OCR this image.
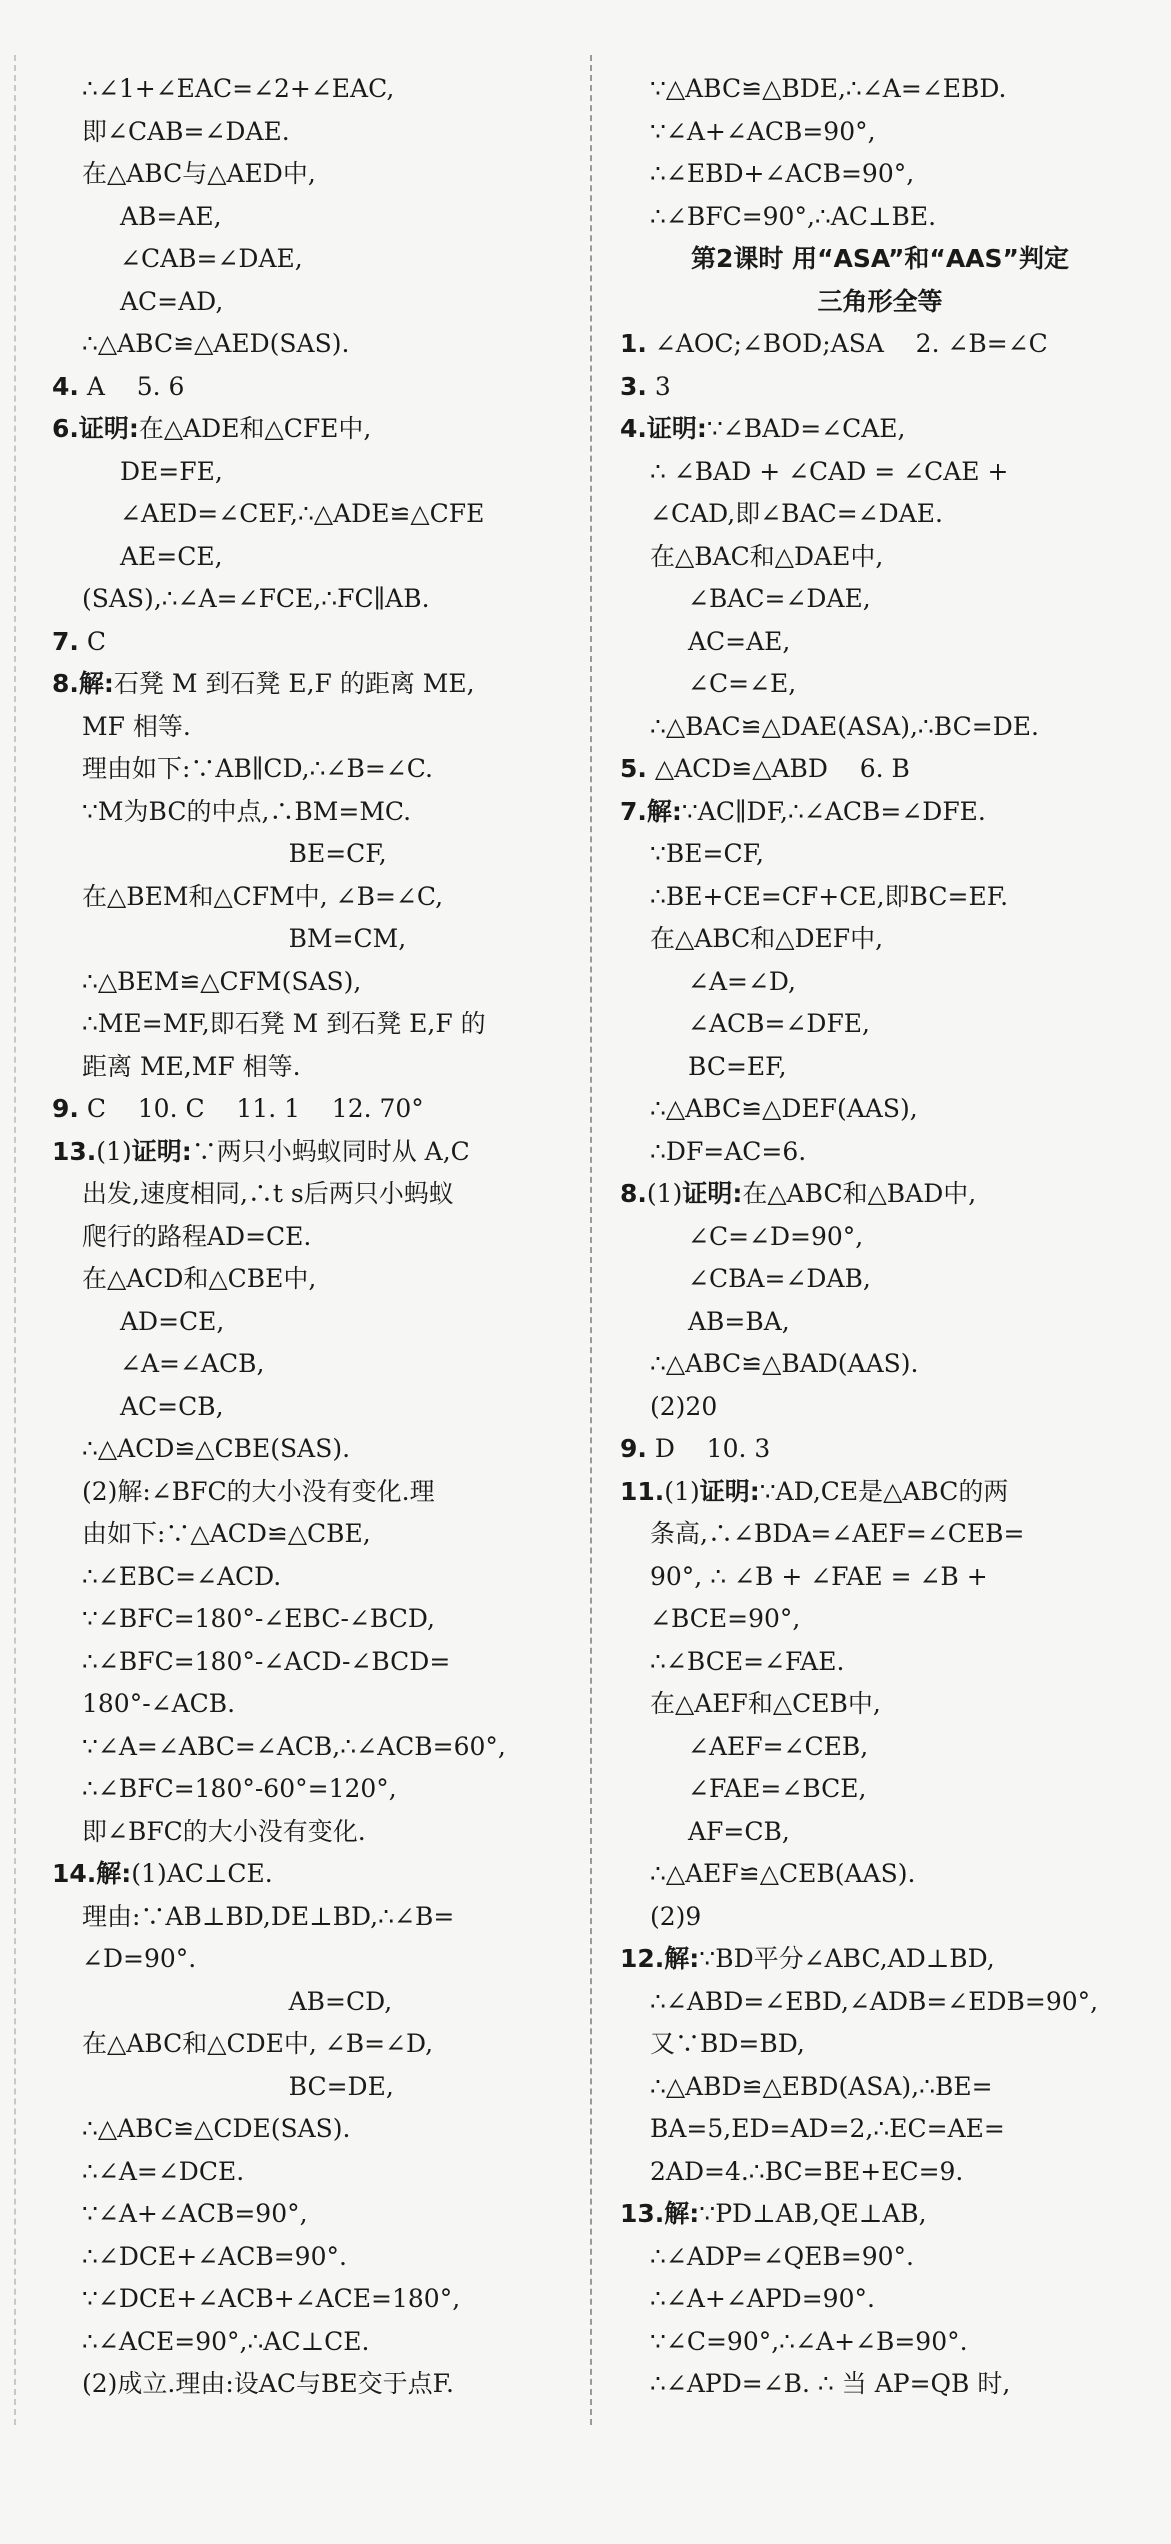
∴∠1+∠EAC=∠2+∠EAC,
即∠CAB=∠DAE.
在△ABC与△AED中,
AB=AE,
∠CAB=∠DAE,
AC=AD,
∴△ABC≌△AED(SAS).
4. A    5. 6
6.证明:在△ADE和△CFE中,
DE=FE,
∠AED=∠CEF,∴△ADE≌△CFE
AE=CE,
(SAS),∴∠A=∠FCE,∴FC∥AB.
7. C
8.解:石凳 M 到石凳 E,F 的距离 ME,
MF 相等.
理由如下:∵AB∥CD,∴∠B=∠C.
∵M为BC的中点,∴BM=MC.
BE=CF,
在△BEM和△CFM中, ∠B=∠C,
BM=CM,
∴△BEM≌△CFM(SAS),
∴ME=MF,即石凳 M 到石凳 E,F 的
距离 ME,MF 相等.
9. C    10. C    11. 1    12. 70°
13.(1)证明:∵两只小蚂蚁同时从 A,C
出发,速度相同,∴t s后两只小蚂蚁
爬行的路程AD=CE.
在△ACD和△CBE中,
AD=CE,
∠A=∠ACB,
AC=CB,
∴△ACD≌△CBE(SAS).
(2)解:∠BFC的大小没有变化.理
由如下:∵△ACD≌△CBE,
∴∠EBC=∠ACD.
∵∠BFC=180°-∠EBC-∠BCD,
∴∠BFC=180°-∠ACD-∠BCD=
180°-∠ACB.
∵∠A=∠ABC=∠ACB,∴∠ACB=60°,
∴∠BFC=180°-60°=120°,
即∠BFC的大小没有变化.
14.解:(1)AC⊥CE.
理由:∵AB⊥BD,DE⊥BD,∴∠B=
∠D=90°.
AB=CD,
在△ABC和△CDE中, ∠B=∠D,
BC=DE,
∴△ABC≌△CDE(SAS).
∴∠A=∠DCE.
∵∠A+∠ACB=90°,
∴∠DCE+∠ACB=90°.
∵∠DCE+∠ACB+∠ACE=180°,
∴∠ACE=90°,∴AC⊥CE.
(2)成立.理由:设AC与BE交于点F.
∵△ABC≌△BDE,∴∠A=∠EBD.
∵∠A+∠ACB=90°,
∴∠EBD+∠ACB=90°,
∴∠BFC=90°,∴AC⊥BE.
第2课时 用“ASA”和“AAS”判定
三角形全等
1. ∠AOC;∠BOD;ASA    2. ∠B=∠C
3. 3
4.证明:∵∠BAD=∠CAE,
∴ ∠BAD + ∠CAD = ∠CAE +
∠CAD,即∠BAC=∠DAE.
在△BAC和△DAE中,
∠BAC=∠DAE,
AC=AE,
∠C=∠E,
∴△BAC≌△DAE(ASA),∴BC=DE.
5. △ACD≌△ABD    6. B
7.解:∵AC∥DF,∴∠ACB=∠DFE.
∵BE=CF,
∴BE+CE=CF+CE,即BC=EF.
在△ABC和△DEF中,
∠A=∠D,
∠ACB=∠DFE,
BC=EF,
∴△ABC≌△DEF(AAS),
∴DF=AC=6.
8.(1)证明:在△ABC和△BAD中,
∠C=∠D=90°,
∠CBA=∠DAB,
AB=BA,
∴△ABC≌△BAD(AAS).
(2)20
9. D    10. 3
11.(1)证明:∵AD,CE是△ABC的两
条高,∴∠BDA=∠AEF=∠CEB=
90°, ∴ ∠B + ∠FAE = ∠B +
∠BCE=90°,
∴∠BCE=∠FAE.
在△AEF和△CEB中,
∠AEF=∠CEB,
∠FAE=∠BCE,
AF=CB,
∴△AEF≌△CEB(AAS).
(2)9
12.解:∵BD平分∠ABC,AD⊥BD,
∴∠ABD=∠EBD,∠ADB=∠EDB=90°,
又∵BD=BD,
∴△ABD≌△EBD(ASA),∴BE=
BA=5,ED=AD=2,∴EC=AE=
2AD=4.∴BC=BE+EC=9.
13.解:∵PD⊥AB,QE⊥AB,
∴∠ADP=∠QEB=90°.
∴∠A+∠APD=90°.
∵∠C=90°,∴∠A+∠B=90°.
∴∠APD=∠B. ∴ 当 AP=QB 时,
